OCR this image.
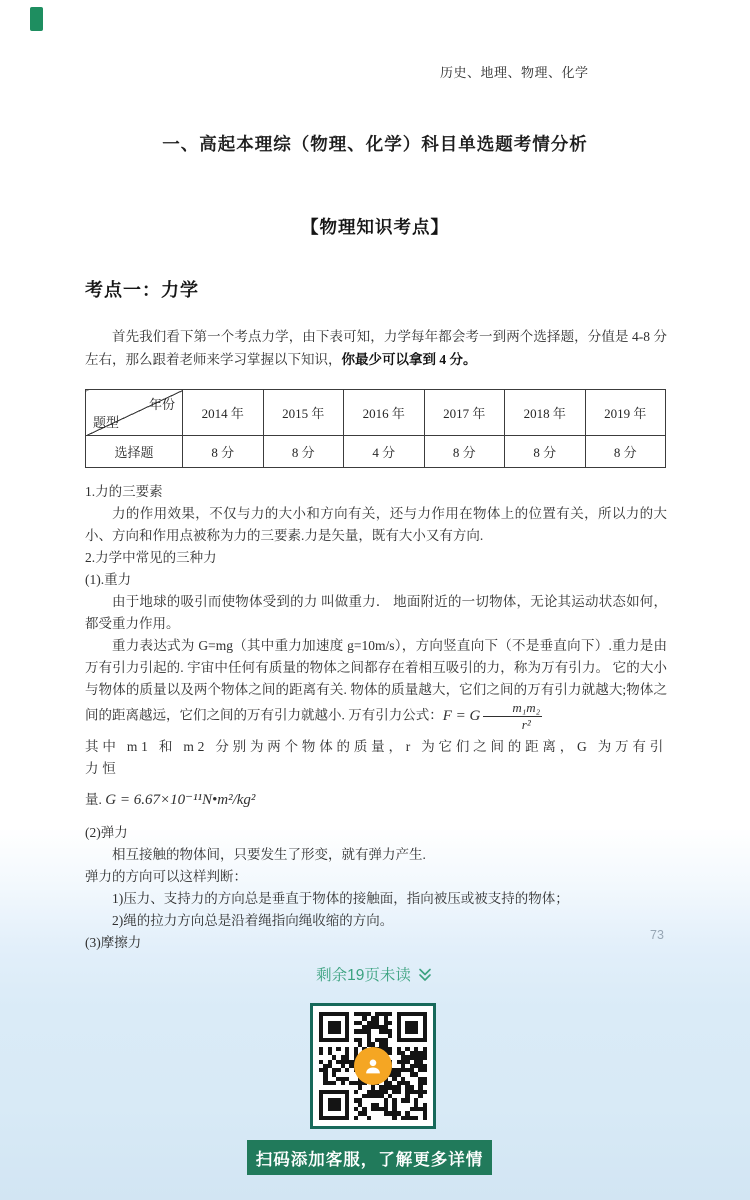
历史、地理、物理、化学
一、高起本理综（物理、化学）科目单选题考情分析
【物理知识考点】
考点一：力学
首先我们看下第一个考点力学，由下表可知，力学每年都会考一到两个选择题，分值是 4-8 分左右，那么跟着老师来学习掌握以下知识，你最少可以拿到 4 分。
年份
题型	2014 年	2015 年	2016 年	2017 年	2018 年	2019 年
选择题	8 分	8 分	4 分	8 分	8 分	8 分

1.力的三要素

力的作用效果，不仅与力的大小和方向有关，还与力作用在物体上的位置有关，所以力的大小、方向和作用点被称为力的三要素.力是矢量，既有大小又有方向.

2.力学中常见的三种力

(1).重力

由于地球的吸引而使物体受到的力 叫做重力． 地面附近的一切物体，无论其运动状态如何，都受重力作用。

重力表达式为 G=mg（其中重力加速度 g=10m/s），方向竖直向下（不是垂直向下）.重力是由万有引力引起的. 宇宙中任何有质量的物体之间都存在着相互吸引的力，称为万有引力。 它的大小与物体的质量以及两个物体之间的距离有关. 物体的质量越大，它们之间的万有引力就越大;物体之间的距离越远，它们之间的万有引力就越小. 万有引力公式：F = G $\frac{\text{m₁m₂}}{\text{r²}}$

其中 m1 和 m2 分别为两个物体的质量，r 为它们之间的距离，G 为万有引力恒

量. G = 6.67×10⁻¹¹N•m²/kg²

(2)弹力

相互接触的物体间，只要发生了形变，就有弹力产生.

弹力的方向可以这样判断：

1)压力、支持力的方向总是垂直于物体的接触面，指向被压或被支持的物体；

2)绳的拉力方向总是沿着绳指向绳收缩的方向。

(3)摩擦力

73
剩余19页未读
扫码添加客服，了解更多详情
